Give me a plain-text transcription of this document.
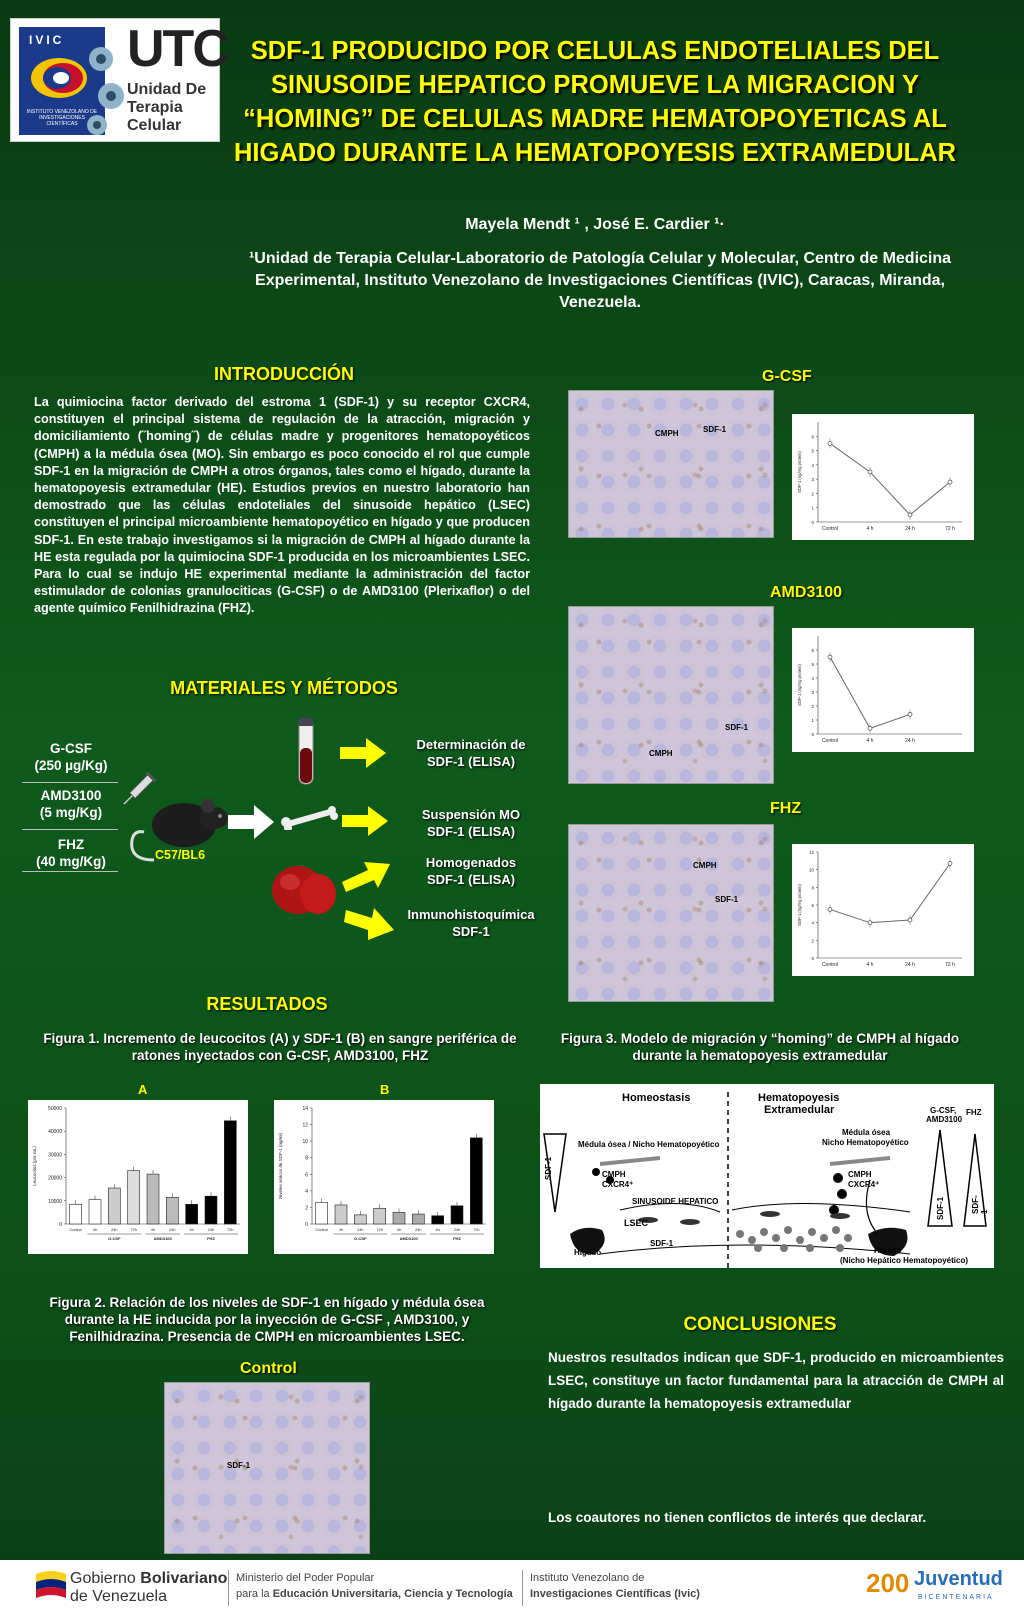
IVIC
INSTITUTO VENEZOLANO DE INVESTIGACIONES CIENTÍFICAS
UTC
Unidad De
Terapia
Celular
SDF-1 PRODUCIDO POR CELULAS ENDOTELIALES DEL SINUSOIDE HEPATICO PROMUEVE LA MIGRACION Y “HOMING” DE CELULAS MADRE HEMATOPOYETICAS AL HIGADO DURANTE LA HEMATOPOYESIS EXTRAMEDULAR
Mayela Mendt ¹ , José E. Cardier ¹·
¹Unidad de Terapia Celular-Laboratorio de Patología Celular y Molecular, Centro de Medicina Experimental, Instituto Venezolano de Investigaciones Científicas (IVIC), Caracas, Miranda, Venezuela.
INTRODUCCIÓN
La quimiocina factor derivado del estroma 1 (SDF-1) y su receptor CXCR4, constituyen el principal sistema de regulación de la atracción, migración y domiciliamiento (˝homing˝) de células madre y progenitores hematopoyéticos (CMPH) a la médula ósea (MO). Sin embargo es poco conocido el rol que cumple SDF-1 en la migración de CMPH a otros órganos, tales como el hígado, durante la hematopoyesis extramedular (HE). Estudios previos en nuestro laboratorio han demostrado que las células endoteliales del sinusoide hepático (LSEC) constituyen el principal microambiente hematopoyético en hígado y que producen SDF-1. En este trabajo investigamos si la migración de CMPH al hígado durante la HE esta regulada por la quimiocina SDF-1 producida en los microambientes LSEC. Para lo cual se indujo HE experimental mediante la administración del factor estimulador de colonias granulociticas (G-CSF) o de AMD3100 (Plerixaflor) o del agente químico Fenilhidrazina (FHZ).
MATERIALES Y MÉTODOS
G-CSF
(250 µg/Kg)
AMD3100
(5 mg/Kg)
FHZ
(40 mg/Kg)	C57/BL6
Determinación de
SDF-1 (ELISA)
Suspensión MO
SDF-1 (ELISA)
Homogenados
SDF-1 (ELISA)
Inmunohistoquímica
SDF-1
G-CSF
CMPH	SDF-1
0
1
2
3
4
5
6
SDF-1 (ng/mg protein)
Control	4 h	24 h	72 h
AMD3100
SDF-1
CMPH
0
1
2
3
4
5
6
SDF-1 (ng/mg protein)
Control	4 h	24 h
FHZ
CMPH
SDF-1
0
2
4
6
8
10
12
SDF-1 (ng/mg protein)
Control	4 h	24 h	72 h
RESULTADOS
Figura 1. Incremento de leucocitos (A) y SDF-1 (B) en sangre periférica de ratones inyectados con G-CSF, AMD3100, FHZ
A
0
10000
20000
30000
40000
50000
Leucocitos (por mL)
Control	4h	24h	72h	4h	24h	4h	24h	72h
G-CSF	AMD3100	FHZ
B
0
2
4
6
8
10
12
14
Niveles séricos de SDF-1 (ng/ml)
Control	4h	24h	72h	4h	24h	4h	24h	72h
G-CSF	AMD3100	FHZ
Figura 3. Modelo de migración y “homing” de CMPH al hígado durante la hematopoyesis extramedular
Homeostasis	Hematopoyesis
Extramedular
Médula ósea / Nicho Hematopoyético
Médula ósea
Nicho Hematopoyético
CMPH
CXCR4⁺
CMPH
CXCR4⁺
SINUSOIDE HEPATICO
LSEC
Hígado
SDF-1
Hígado
(Nicho Hepático Hematopoyético)
SDF-1
G-CSF,
AMD3100
FHZ
SDF-1	SDF-1
Figura 2. Relación de los niveles de SDF-1 en hígado y médula ósea durante la HE inducida por la inyección de G-CSF , AMD3100, y Fenilhidrazina. Presencia de CMPH en microambientes LSEC.
Control
SDF-1
CONCLUSIONES
Nuestros resultados indican que SDF-1, producido en microambientes LSEC, constituye un factor fundamental para la atracción de CMPH al hígado durante la hematopoyesis extramedular
Los coautores no tienen conflictos de interés que declarar.
Gobierno Bolivariano
de Venezuela
Ministerio del Poder Popular
para la Educación Universitaria, Ciencia y Tecnología
Instituto Venezolano de
Investigaciones Científicas (Ivic)	200 Juventud
BICENTENARIA
